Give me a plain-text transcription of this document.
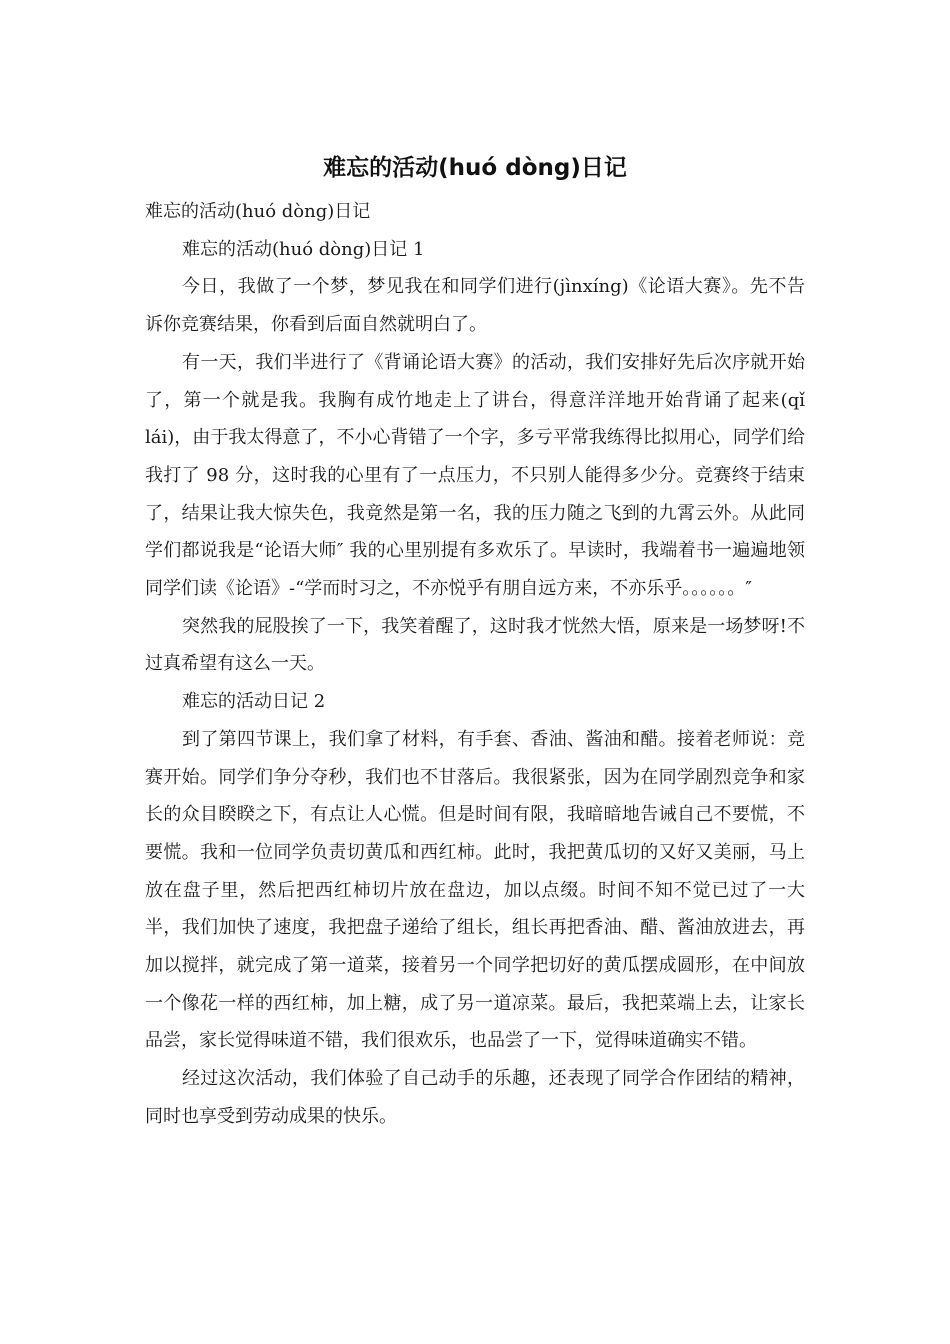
难忘的活动(huó dòng)日记

难忘的活动(huó dòng)日记

难忘的活动(huó dòng)日记 1

今日，我做了一个梦，梦见我在和同学们进行(jìnxíng)《论语大赛》。先不告诉你竞赛结果，你看到后面自然就明白了。

有一天，我们半进行了《背诵论语大赛》的活动，我们安排好先后次序就开始了，第一个就是我。我胸有成竹地走上了讲台，得意洋洋地开始背诵了起来(qǐ lái)，由于我太得意了，不小心背错了一个字，多亏平常我练得比拟用心，同学们给我打了 98 分，这时我的心里有了一点压力，不只别人能得多少分。竞赛终于结束了，结果让我大惊失色，我竟然是第一名，我的压力随之飞到的九霄云外。从此同学们都说我是“论语大师″ 我的心里别提有多欢乐了。早读时，我端着书一遍遍地领同学们读《论语》-“学而时习之，不亦悦乎有朋自远方来，不亦乐乎。。。。。。″

突然我的屁股挨了一下，我笑着醒了，这时我才恍然大悟，原来是一场梦呀!不过真希望有这么一天。

难忘的活动日记 2

到了第四节课上，我们拿了材料，有手套、香油、酱油和醋。接着老师说：竞赛开始。同学们争分夺秒，我们也不甘落后。我很紧张，因为在同学剧烈竞争和家长的众目睽睽之下，有点让人心慌。但是时间有限，我暗暗地告诫自己不要慌，不要慌。我和一位同学负责切黄瓜和西红柿。此时，我把黄瓜切的又好又美丽，马上放在盘子里，然后把西红柿切片放在盘边，加以点缀。时间不知不觉已过了一大半，我们加快了速度，我把盘子递给了组长，组长再把香油、醋、酱油放进去，再加以搅拌，就完成了第一道菜，接着另一个同学把切好的黄瓜摆成圆形，在中间放一个像花一样的西红柿，加上糖，成了另一道凉菜。最后，我把菜端上去，让家长品尝，家长觉得味道不错，我们很欢乐，也品尝了一下，觉得味道确实不错。

经过这次活动，我们体验了自己动手的乐趣，还表现了同学合作团结的精神，同时也享受到劳动成果的快乐。
